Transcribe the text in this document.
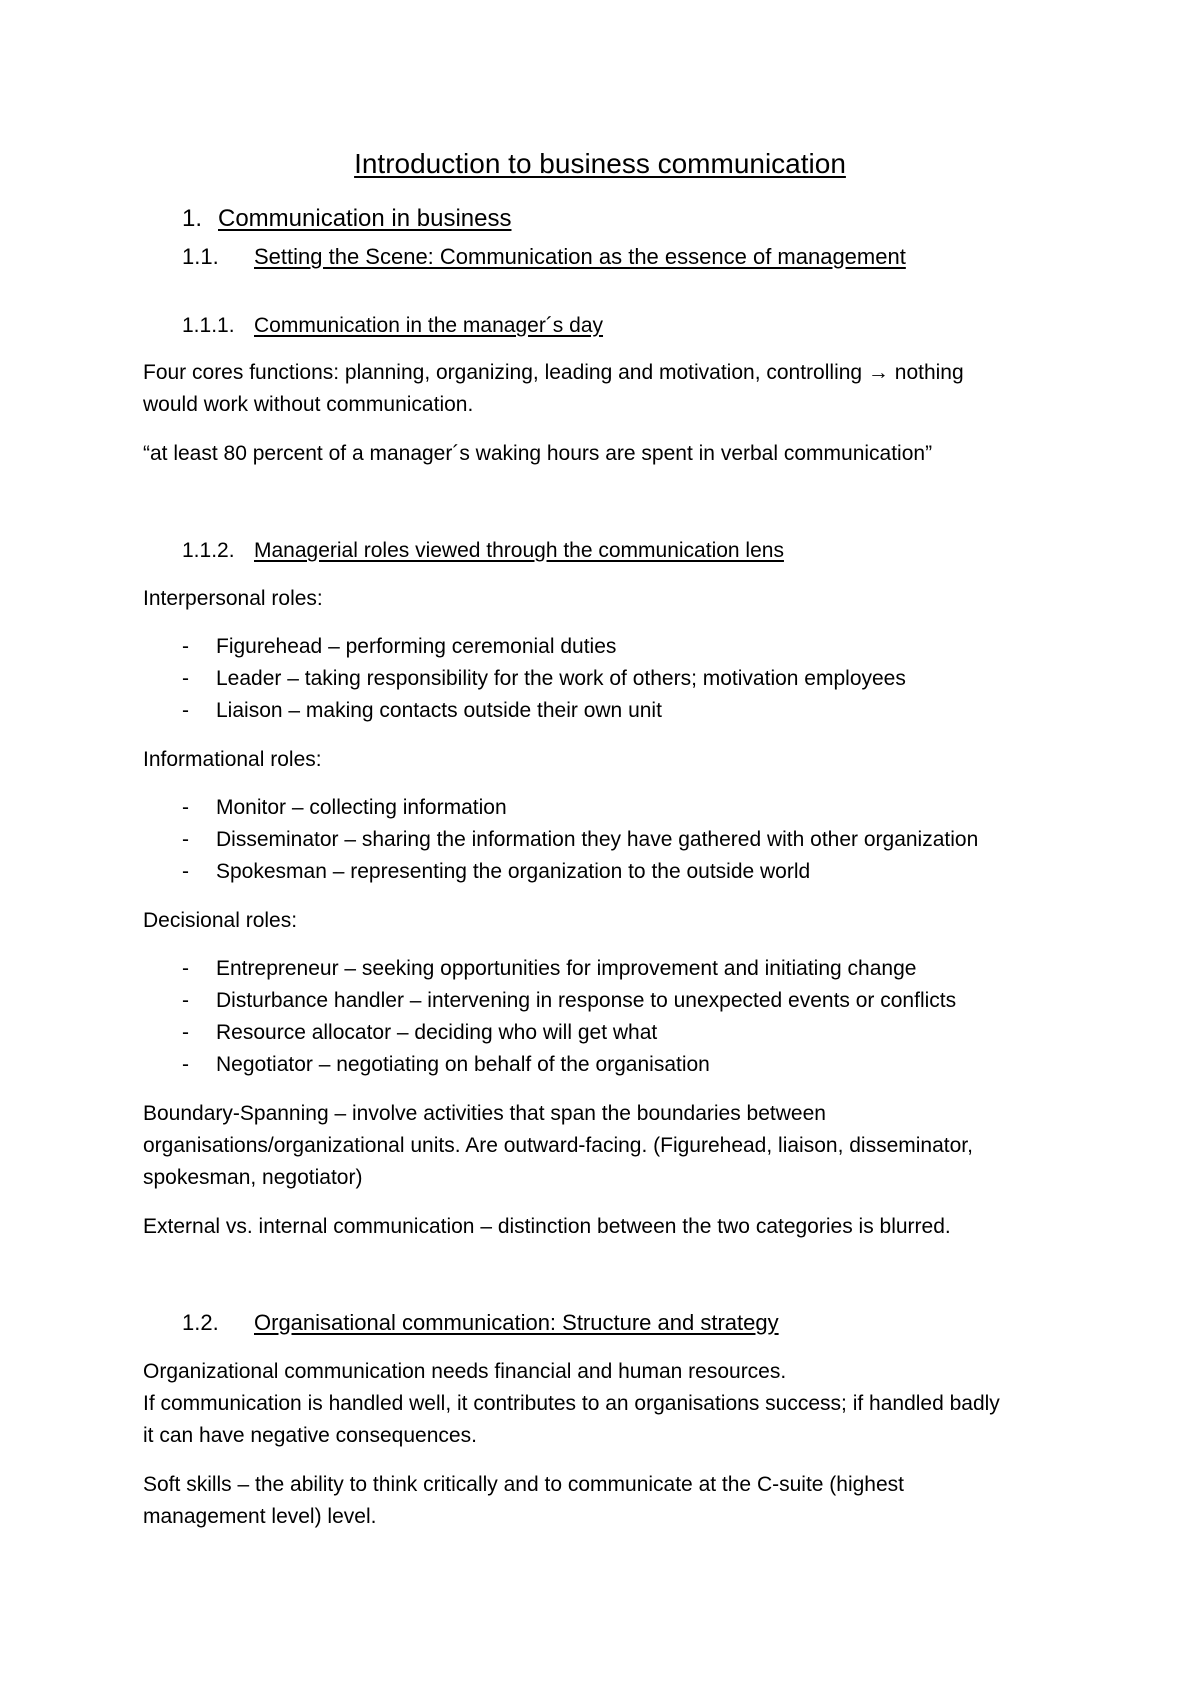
Introduction to business communication
1. Communication in business
1.1. Setting the Scene: Communication as the essence of management
1.1.1. Communication in the manager´s day
Four cores functions: planning, organizing, leading and motivation, controlling → nothing
would work without communication.
“at least 80 percent of a manager´s waking hours are spent in verbal communication”
1.1.2. Managerial roles viewed through the communication lens
Interpersonal roles:
- Figurehead – performing ceremonial duties
- Leader – taking responsibility for the work of others; motivation employees
- Liaison – making contacts outside their own unit
Informational roles:
- Monitor – collecting information
- Disseminator – sharing the information they have gathered with other organization
- Spokesman – representing the organization to the outside world
Decisional roles:
- Entrepreneur – seeking opportunities for improvement and initiating change
- Disturbance handler – intervening in response to unexpected events or conflicts
- Resource allocator – deciding who will get what
- Negotiator – negotiating on behalf of the organisation
Boundary-Spanning – involve activities that span the boundaries between
organisations/organizational units. Are outward-facing. (Figurehead, liaison, disseminator,
spokesman, negotiator)
External vs. internal communication – distinction between the two categories is blurred.
1.2. Organisational communication: Structure and strategy
Organizational communication needs financial and human resources.
If communication is handled well, it contributes to an organisations success; if handled badly
it can have negative consequences.
Soft skills – the ability to think critically and to communicate at the C-suite (highest
management level) level.
